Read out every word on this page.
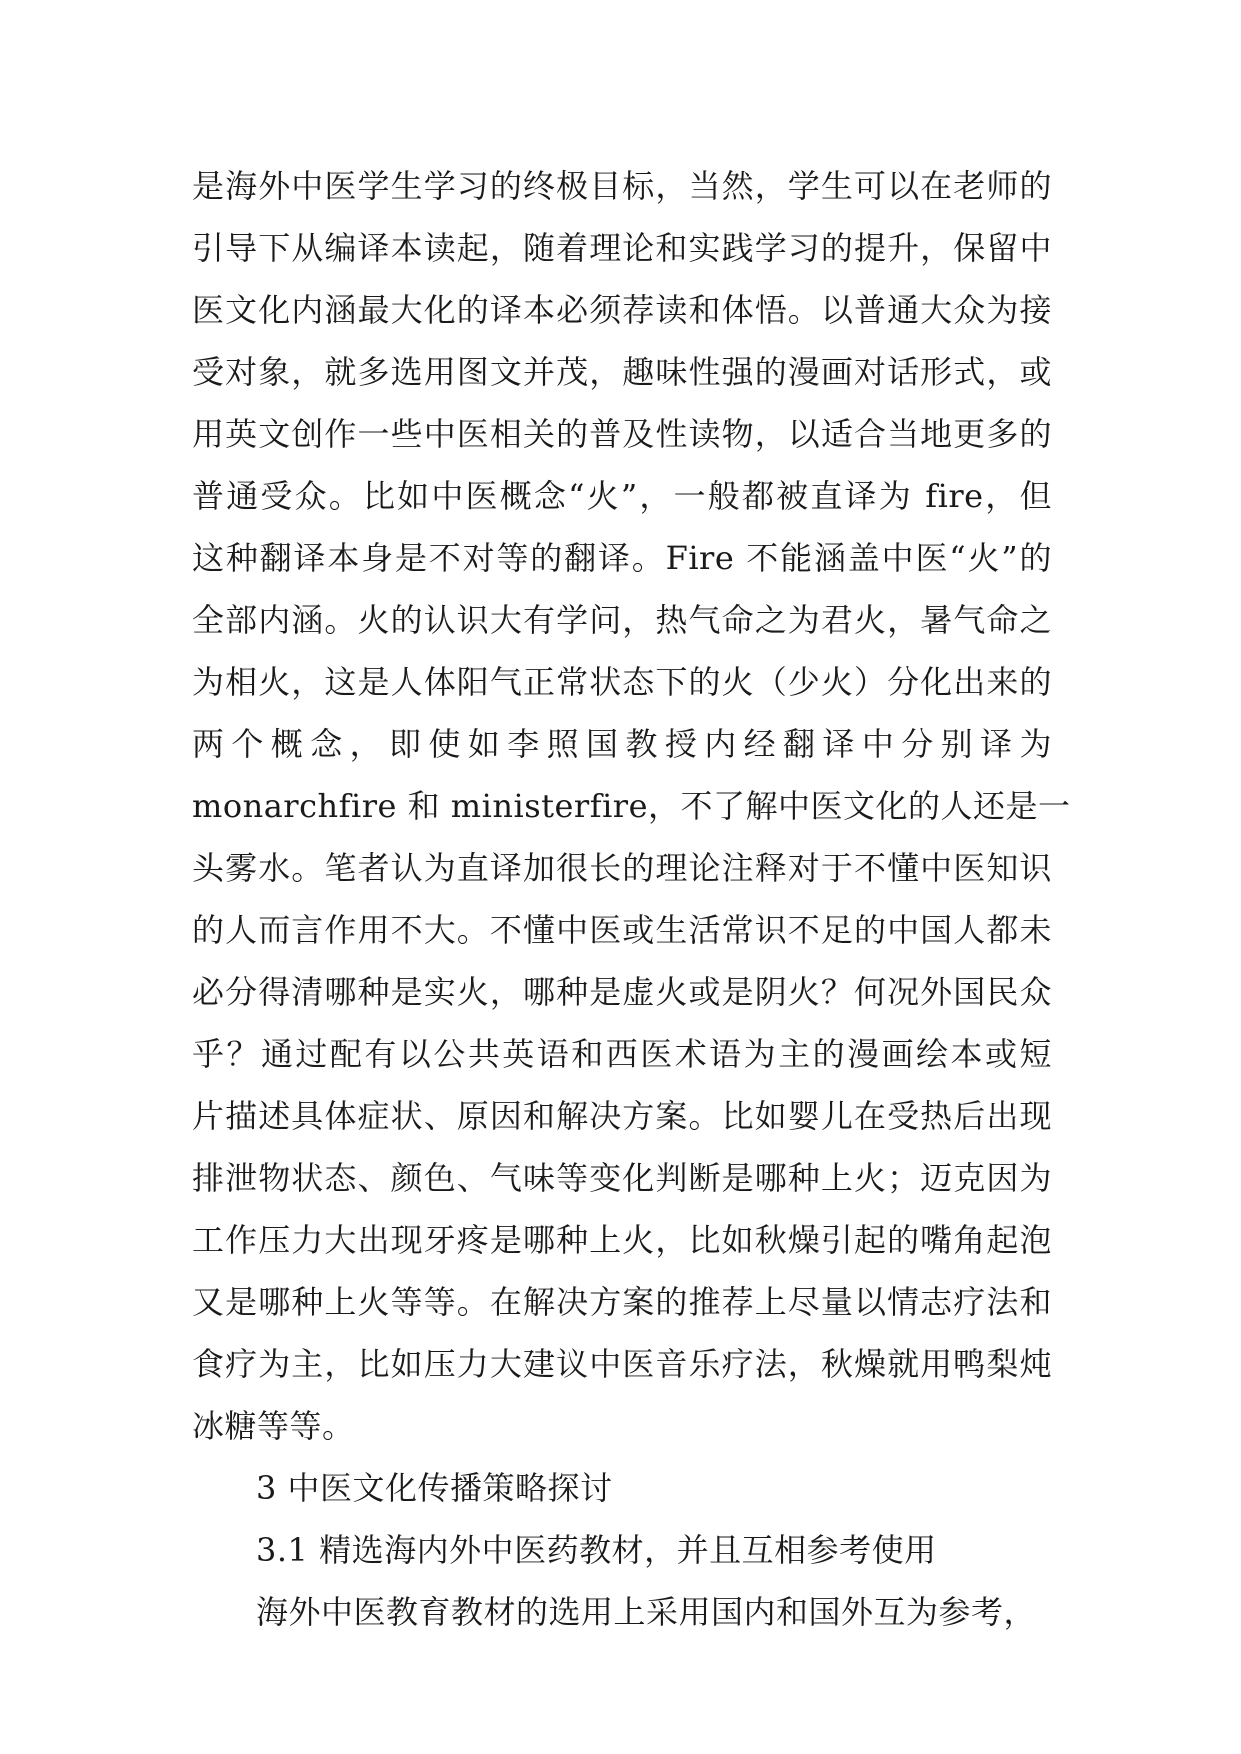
是海外中医学生学习的终极目标，当然，学生可以在老师的
引导下从编译本读起，随着理论和实践学习的提升，保留中
医文化内涵最大化的译本必须荐读和体悟。以普通大众为接
受对象，就多选用图文并茂，趣味性强的漫画对话形式，或
用英文创作一些中医相关的普及性读物，以适合当地更多的
普通受众。比如中医概念“火”，一般都被直译为 fire，但
这种翻译本身是不对等的翻译。Fire 不能涵盖中医“火”的
全部内涵。火的认识大有学问，热气命之为君火，暑气命之
为相火，这是人体阳气正常状态下的火（少火）分化出来的
两个概念，即使如李照国教授内经翻译中分别译为
monarchfire 和 ministerfire，不了解中医文化的人还是一
头雾水。笔者认为直译加很长的理论注释对于不懂中医知识
的人而言作用不大。不懂中医或生活常识不足的中国人都未
必分得清哪种是实火，哪种是虚火或是阴火？何况外国民众
乎？通过配有以公共英语和西医术语为主的漫画绘本或短
片描述具体症状、原因和解决方案。比如婴儿在受热后出现
排泄物状态、颜色、气味等变化判断是哪种上火；迈克因为
工作压力大出现牙疼是哪种上火，比如秋燥引起的嘴角起泡
又是哪种上火等等。在解决方案的推荐上尽量以情志疗法和
食疗为主，比如压力大建议中医音乐疗法，秋燥就用鸭梨炖
冰糖等等。
3 中医文化传播策略探讨
3.1 精选海内外中医药教材，并且互相参考使用
海外中医教育教材的选用上采用国内和国外互为参考，
